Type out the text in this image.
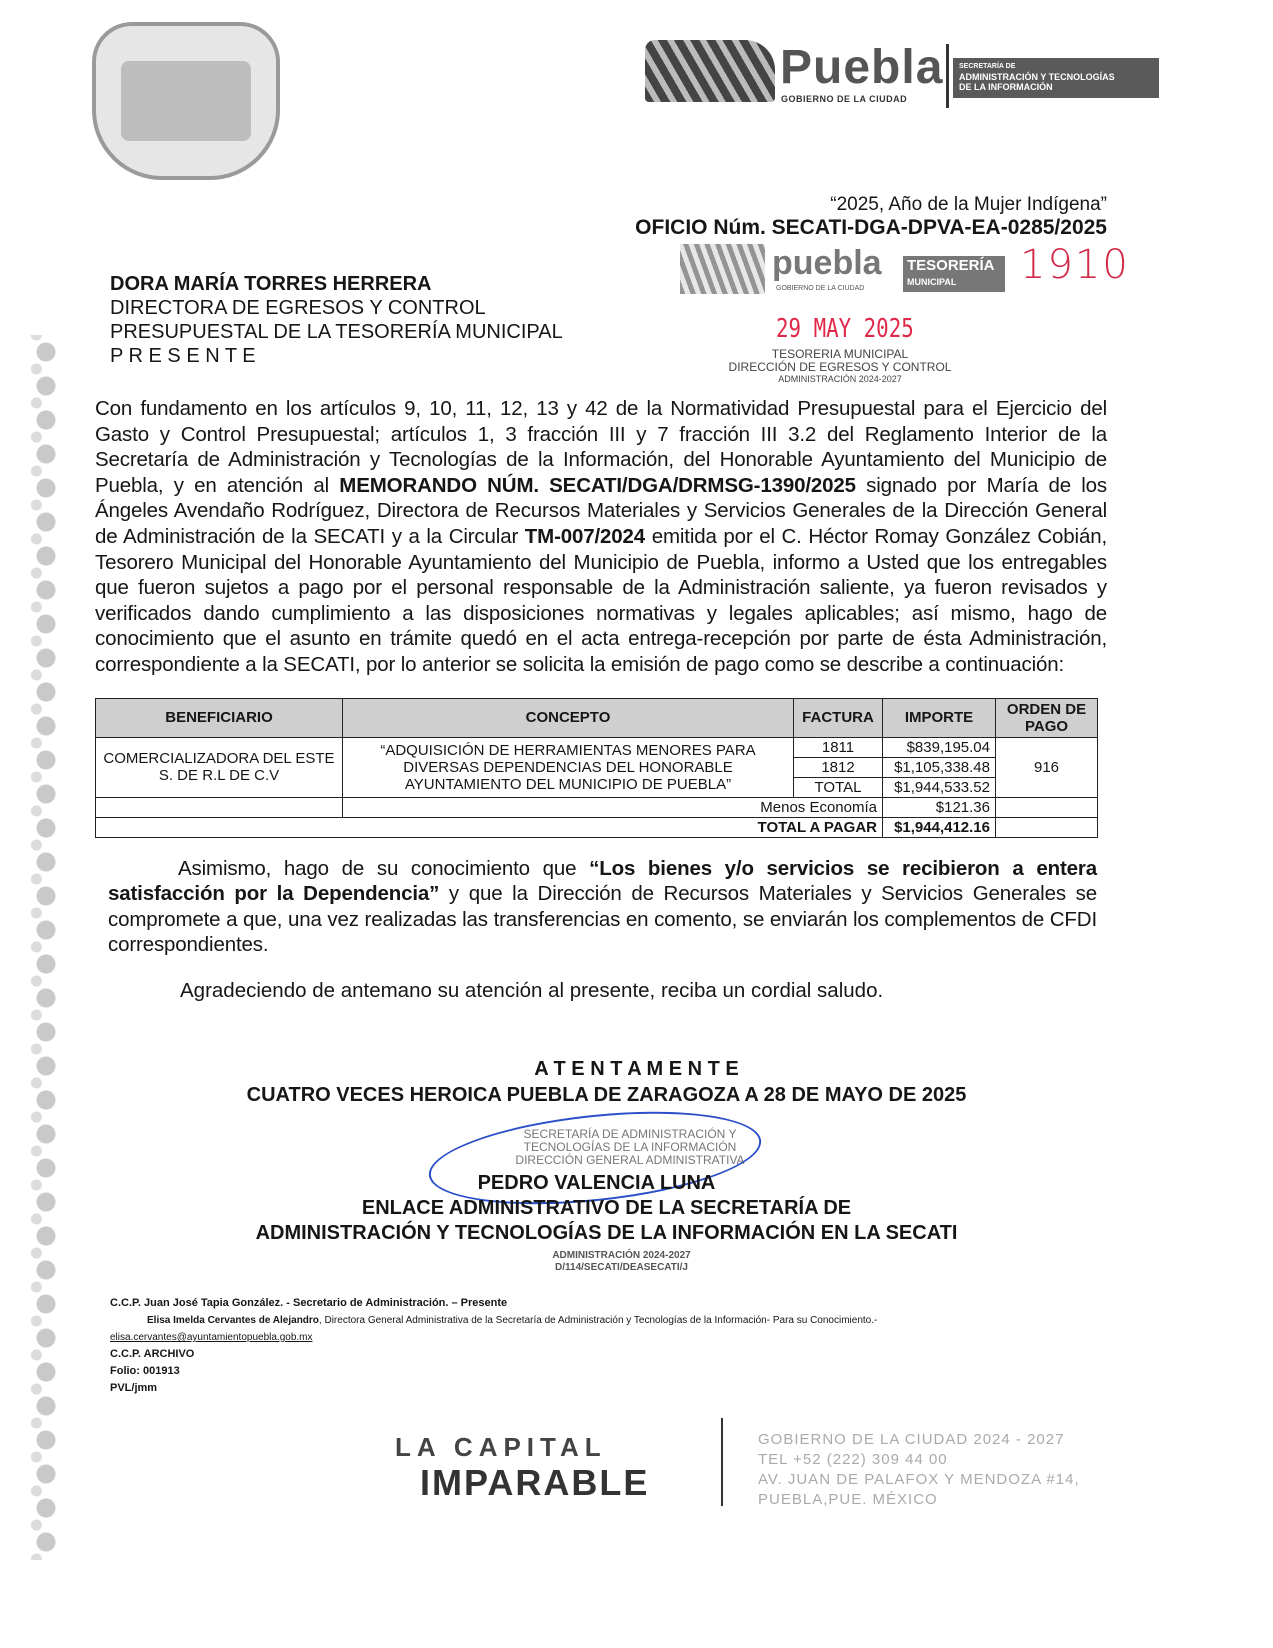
Puebla
GOBIERNO DE LA CIUDAD
SECRETARÍA DE
ADMINISTRACIÓN Y TECNOLOGÍAS
DE LA INFORMACIÓN
“2025, Año de la Mujer Indígena”
OFICIO Núm. SECATI-DGA-DPVA-EA-0285/2025
puebla
GOBIERNO DE LA CIUDAD
TESORERÍA
MUNICIPAL	1910
29 MAY 2025
TESORERIA MUNICIPAL
DIRECCIÓN DE EGRESOS Y CONTROL
ADMINISTRACIÓN 2024-2027
DORA MARÍA TORRES HERRERA
DIRECTORA DE EGRESOS Y CONTROL
PRESUPUESTAL DE LA TESORERÍA MUNICIPAL
P R E S E N T E
Con fundamento en los artículos 9, 10, 11, 12, 13 y 42 de la Normatividad Presupuestal para el Ejercicio del Gasto y Control Presupuestal; artículos 1, 3 fracción III y 7 fracción III 3.2 del Reglamento Interior de la Secretaría de Administración y Tecnologías de la Información, del Honorable Ayuntamiento del Municipio de Puebla, y en atención al MEMORANDO NÚM. SECATI/DGA/DRMSG-1390/2025 signado por María de los Ángeles Avendaño Rodríguez, Directora de Recursos Materiales y Servicios Generales de la Dirección General de Administración de la SECATI y a la Circular TM-007/2024 emitida por el C. Héctor Romay González Cobián, Tesorero Municipal del Honorable Ayuntamiento del Municipio de Puebla, informo a Usted que los entregables que fueron sujetos a pago por el personal responsable de la Administración saliente, ya fueron revisados y verificados dando cumplimiento a las disposiciones normativas y legales aplicables; así mismo, hago de conocimiento que el asunto en trámite quedó en el acta entrega-recepción por parte de ésta Administración, correspondiente a la SECATI, por lo anterior se solicita la emisión de pago como se describe a continuación:
BENEFICIARIO	CONCEPTO	FACTURA	IMPORTE	ORDEN DE PAGO
COMERCIALIZADORA DEL ESTE S. DE R.L DE C.V	“ADQUISICIÓN DE HERRAMIENTAS MENORES PARA DIVERSAS DEPENDENCIAS DEL HONORABLE AYUNTAMIENTO DEL MUNICIPIO DE PUEBLA”	1811	$839,195.04	916
		1812	$1,105,338.48	
		TOTAL	$1,944,533.52	
	Menos Economía		$121.36	
TOTAL A PAGAR			$1,944,412.16	
Asimismo, hago de su conocimiento que “Los bienes y/o servicios se recibieron a entera satisfacción por la Dependencia” y que la Dirección de Recursos Materiales y Servicios Generales se compromete a que, una vez realizadas las transferencias en comento, se enviarán los complementos de CFDI correspondientes.
Agradeciendo de antemano su atención al presente, reciba un cordial saludo.
A T E N T A M E N T E
CUATRO VECES HEROICA PUEBLA DE ZARAGOZA A 28 DE MAYO DE 2025
SECRETARÍA DE ADMINISTRACIÓN Y
TECNOLOGÍAS DE LA INFORMACIÓN
DIRECCIÓN GENERAL ADMINISTRATIVA
PEDRO VALENCIA LUNA
ENLACE ADMINISTRATIVO DE LA SECRETARÍA DE
ADMINISTRACIÓN Y TECNOLOGÍAS DE LA INFORMACIÓN EN LA SECATI
ADMINISTRACIÓN 2024-2027
D/114/SECATI/DEASECATI/J
C.C.P. Juan José Tapia González. - Secretario de Administración. – Presente
Elisa Imelda Cervantes de Alejandro, Directora General Administrativa de la Secretaría de Administración y Tecnologías de la Información- Para su Conocimiento.-
elisa.cervantes@ayuntamientopuebla.gob.mx
C.C.P. ARCHIVO
Folio: 001913
PVL/jmm
LA CAPITAL
IMPARABLE
GOBIERNO DE LA CIUDAD 2024 - 2027
TEL +52 (222) 309 44 00
AV. JUAN DE PALAFOX Y MENDOZA #14,
PUEBLA,PUE. MÉXICO
